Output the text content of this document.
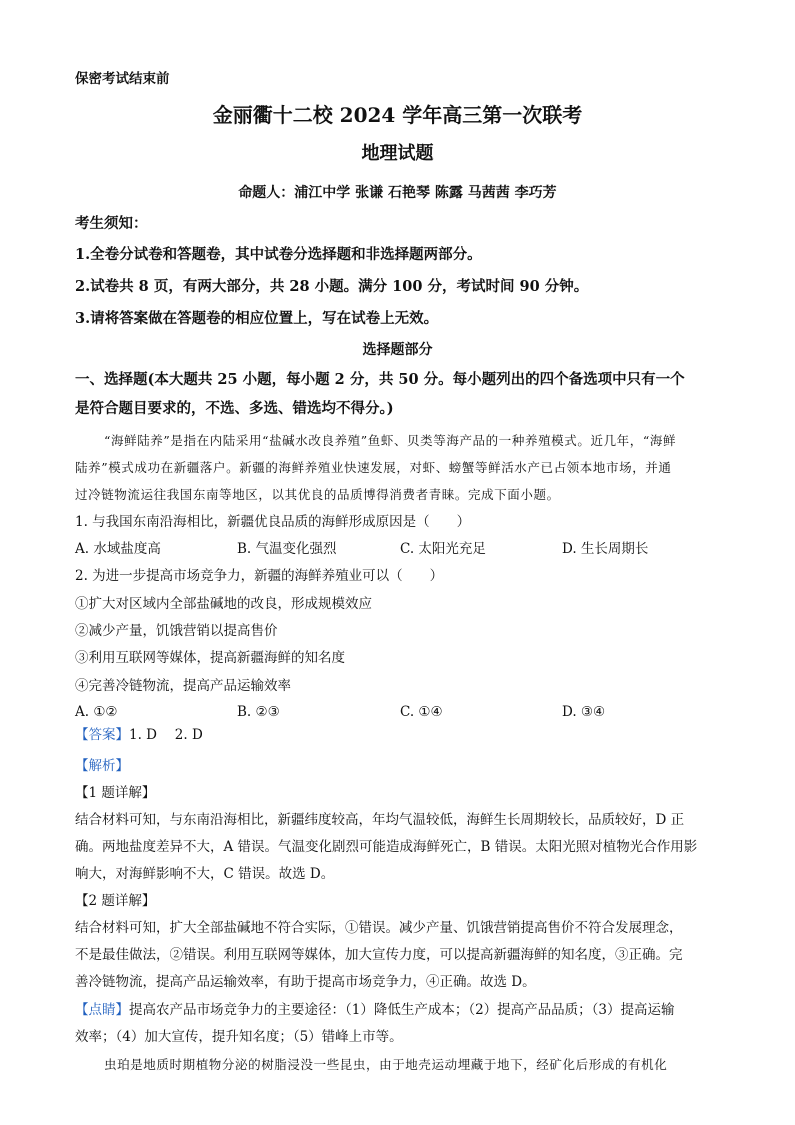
保密考试结束前
金丽衢十二校 2024 学年高三第一次联考
地理试题
命题人：浦江中学 张谦 石艳琴 陈露 马茜茜 李巧芳
考生须知：
1.全卷分试卷和答题卷，其中试卷分选择题和非选择题两部分。
2.试卷共 8 页，有两大部分，共 28 小题。满分 100 分，考试时间 90 分钟。
3.请将答案做在答题卷的相应位置上，写在试卷上无效。
选择题部分
一、选择题(本大题共 25 小题，每小题 2 分，共 50 分。每小题列出的四个备选项中只有一个
是符合题目要求的，不选、多选、错选均不得分。)
“海鲜陆养”是指在内陆采用“盐碱水改良养殖”鱼虾、贝类等海产品的一种养殖模式。近几年，“海鲜
陆养”模式成功在新疆落户。新疆的海鲜养殖业快速发展，对虾、螃蟹等鲜活水产已占领本地市场，并通
过冷链物流运往我国东南等地区，以其优良的品质博得消费者青睐。完成下面小题。
1. 与我国东南沿海相比，新疆优良品质的海鲜形成原因是（　　）
A. 水域盐度高	B. 气温变化强烈	C. 太阳光充足	D. 生长周期长
2. 为进一步提高市场竞争力，新疆的海鲜养殖业可以（　　）
①扩大对区域内全部盐碱地的改良，形成规模效应
②减少产量，饥饿营销以提高售价
③利用互联网等媒体，提高新疆海鲜的知名度
④完善冷链物流，提高产品运输效率
A. ①②	B. ②③	C. ①④	D. ③④
【答案】1. D　 2. D
【解析】
【1 题详解】
结合材料可知，与东南沿海相比，新疆纬度较高，年均气温较低，海鲜生长周期较长，品质较好，D 正
确。两地盐度差异不大，A 错误。气温变化剧烈可能造成海鲜死亡，B 错误。太阳光照对植物光合作用影
响大，对海鲜影响不大，C 错误。故选 D。
【2 题详解】
结合材料可知，扩大全部盐碱地不符合实际，①错误。减少产量、饥饿营销提高售价不符合发展理念，
不是最佳做法，②错误。利用互联网等媒体，加大宣传力度，可以提高新疆海鲜的知名度，③正确。完
善冷链物流，提高产品运输效率，有助于提高市场竞争力，④正确。故选 D。
【点睛】提高农产品市场竞争力的主要途径：（1）降低生产成本；（2）提高产品品质；（3）提高运输
效率；（4）加大宣传，提升知名度；（5）错峰上市等。
虫珀是地质时期植物分泌的树脂浸没一些昆虫，由于地壳运动埋藏于地下，经矿化后形成的有机化
